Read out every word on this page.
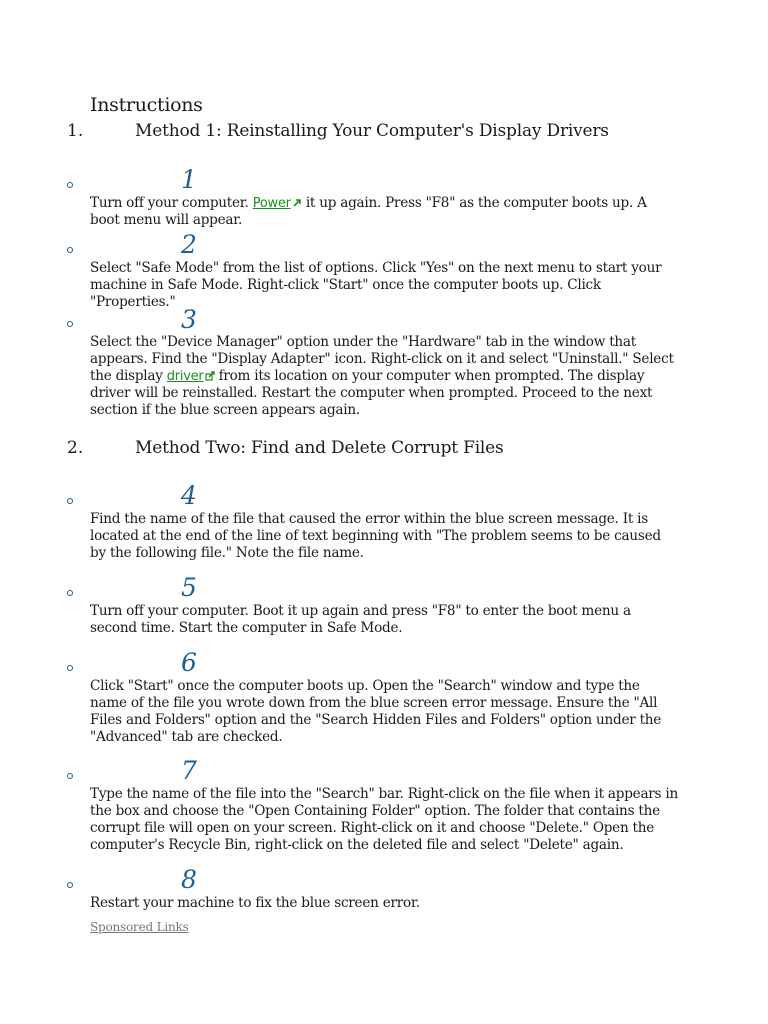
Instructions
1.	Method 1: Reinstalling Your Computer's Display Drivers
1
Turn off your computer. Power it up again. Press "F8" as the computer boots up. A boot menu will appear.
2
Select "Safe Mode" from the list of options. Click "Yes" on the next menu to start your machine in Safe Mode. Right-click "Start" once the computer boots up. Click "Properties."
3
Select the "Device Manager" option under the "Hardware" tab in the window that appears. Find the "Display Adapter" icon. Right-click on it and select "Uninstall." Select the display driver from its location on your computer when prompted. The display driver will be reinstalled. Restart the computer when prompted. Proceed to the next section if the blue screen appears again.
2.	Method Two: Find and Delete Corrupt Files
4
Find the name of the file that caused the error within the blue screen message. It is located at the end of the line of text beginning with "The problem seems to be caused by the following file." Note the file name.
5
Turn off your computer. Boot it up again and press "F8" to enter the boot menu a second time. Start the computer in Safe Mode.
6
Click "Start" once the computer boots up. Open the "Search" window and type the name of the file you wrote down from the blue screen error message. Ensure the "All Files and Folders" option and the "Search Hidden Files and Folders" option under the "Advanced" tab are checked.
7
Type the name of the file into the "Search" bar. Right-click on the file when it appears in the box and choose the "Open Containing Folder" option. The folder that contains the corrupt file will open on your screen. Right-click on it and choose "Delete." Open the computer's Recycle Bin, right-click on the deleted file and select "Delete" again.
8
Restart your machine to fix the blue screen error.
Sponsored Links
